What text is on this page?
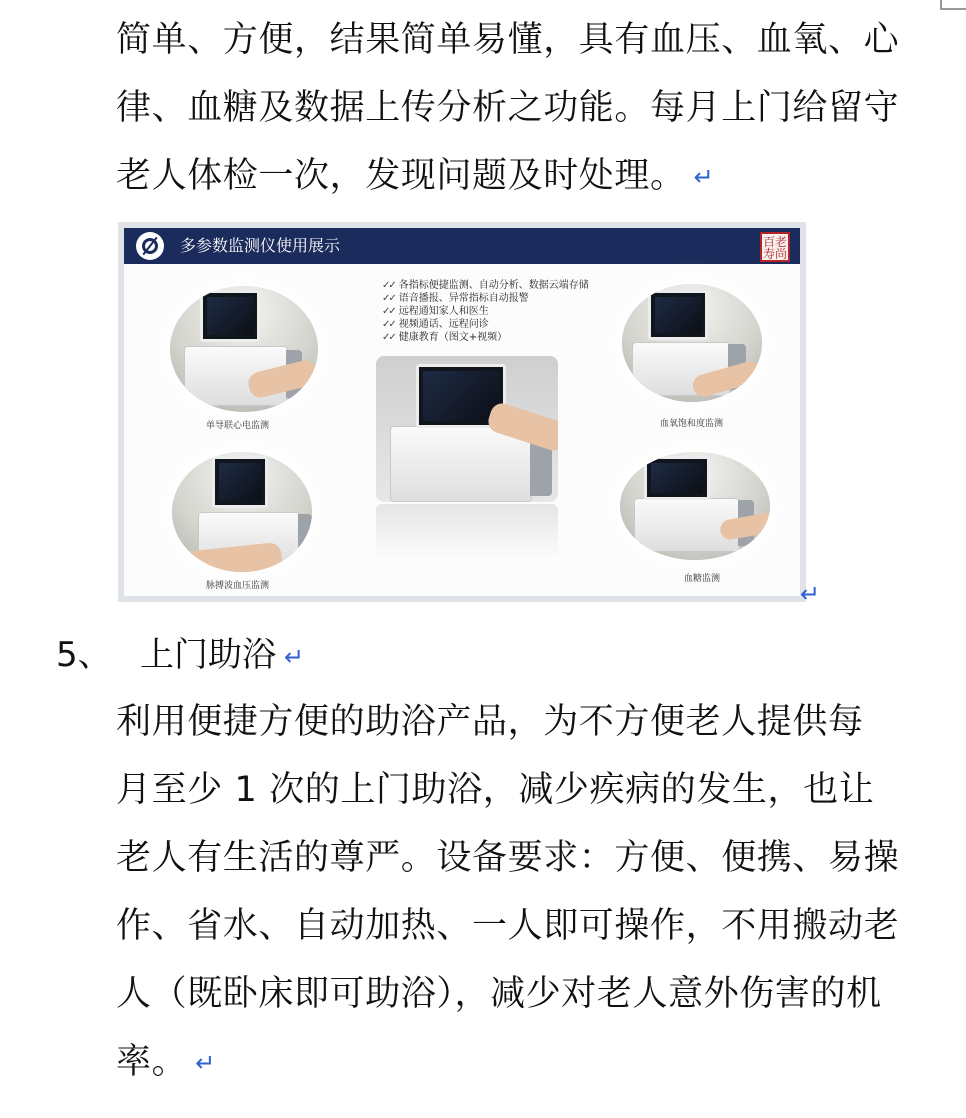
简单、方便，结果简单易懂，具有血压、血氧、心
律、血糖及数据上传分析之功能。每月上门给留守
老人体检一次，发现问题及时处理。 ↵
多参数监测仪使用展示	百老
寿尚
✓✓ 各指标便捷监测、自动分析、数据云端存储
✓✓ 语音播报、异常指标自动报警
✓✓ 远程通知家人和医生
✓✓ 视频通话、远程问诊
✓✓ 健康教育（图文+视频）
单导联心电监测	血氧饱和度监测
脉搏波血压监测
血糖监测
↵
5、 上门助浴 ↵
利用便捷方便的助浴产品，为不方便老人提供每
月至少 1 次的上门助浴，减少疾病的发生，也让
老人有生活的尊严。设备要求：方便、便携、易操
作、省水、自动加热、一人即可操作，不用搬动老
人（既卧床即可助浴），减少对老人意外伤害的机
率。 ↵
